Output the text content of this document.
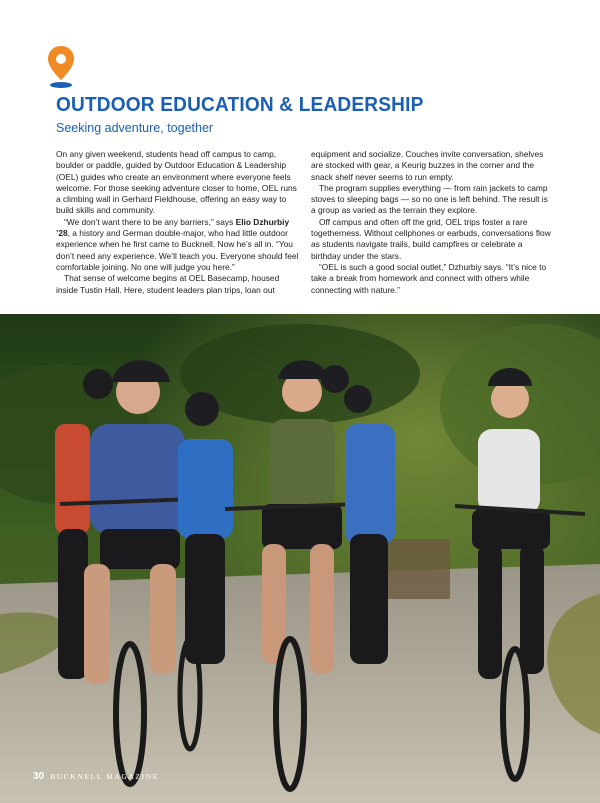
OUTDOOR EDUCATION & LEADERSHIP
Seeking adventure, together

On any given weekend, students head off campus to camp, boulder or paddle, guided by Outdoor Education & Leadership (OEL) guides who create an environment where everyone feels welcome. For those seeking adventure closer to home, OEL runs a climbing wall in Gerhard Fieldhouse, offering an easy way to build skills and community.

“We don’t want there to be any barriers,” says Elio Dzhurbiy ’28, a history and German double-major, who had little outdoor experience when he first came to Bucknell. Now he’s all in. “You don’t need any experience. We’ll teach you. Everyone should feel comfortable joining. No one will judge you here.”

That sense of welcome begins at OEL Basecamp, housed inside Tustin Hall. Here, student leaders plan trips, loan out

equipment and socialize. Couches invite conversation, shelves are stocked with gear, a Keurig buzzes in the corner and the snack shelf never seems to run empty.

The program supplies everything — from rain jackets to camp stoves to sleeping bags — so no one is left behind. The result is a group as varied as the terrain they explore.

Off campus and often off the grid, OEL trips foster a rare togetherness. Without cellphones or earbuds, conversations flow as students navigate trails, build campfires or celebrate a birthday under the stars.

“OEL is such a good social outlet,” Dzhurbiy says. “It’s nice to take a break from homework and connect with others while connecting with nature.”

30 BUCKNELL MAGAZINE
